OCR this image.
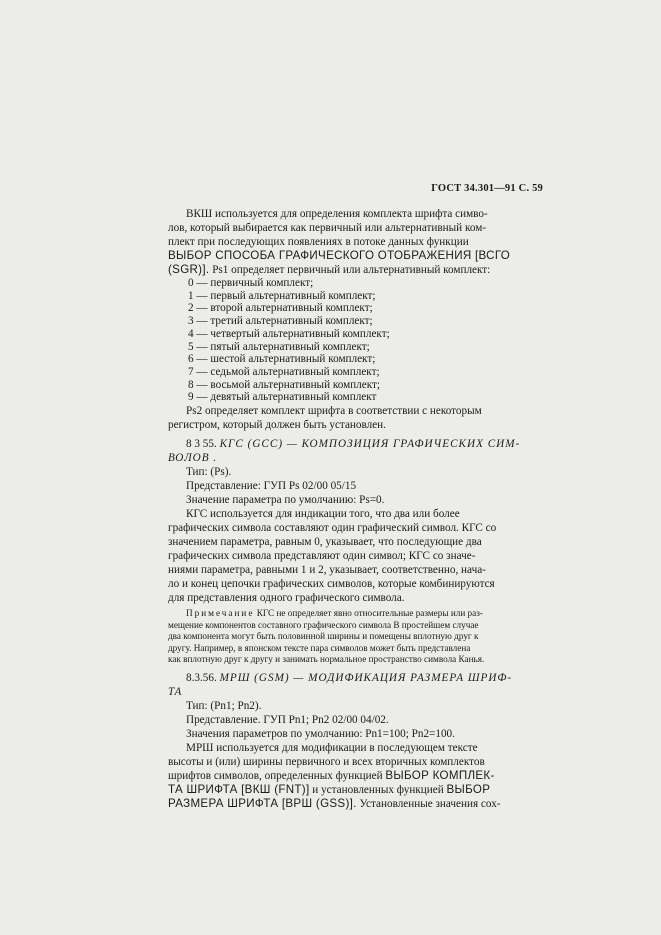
ГОСТ 34.301—91 С. 59

ВКШ используется для определения комплекта шрифта симво-

лов, который выбирается как первичный или альтернативный ком-

плект при последующих появлениях в потоке данных функции

ВЫБОР СПОСОБА ГРАФИЧЕСКОГО ОТОБРАЖЕНИЯ [ВСГО

(SGR)]. Ps1 определяет первичный или альтернативный комплект:

0 — первичный комплект;

1 — первый альтернативный комплект;

2 — второй альтернативный комплект;

3 — третий альтернативный комплект;

4 — четвертый альтернативный комплект;

5 — пятый альтернативный комплект;

6 — шестой альтернативный комплект;

7 — седьмой альтернативный комплект;

8 — восьмой альтернативный комплект;

9 — девятый альтернативный комплект

Ps2 определяет комплект шрифта в соответствии с некоторым

регистром, который должен быть установлен.

8 3 55. КГС (GCC) — КОМПОЗИЦИЯ ГРАФИЧЕСКИХ СИМ-

ВОЛОВ .

Тип: (Ps).

Представление: ГУП Ps 02/00 05/15

Значение параметра по умолчанию: Ps=0.

КГС используется для индикации того, что два или более

графических символа составляют один графический символ. КГС со

значением параметра, равным 0, указывает, что последующие два

графических символа представляют один символ; КГС со значе-

ниями параметра, равными 1 и 2, указывает, соответственно, нача-

ло и конец цепочки графических символов, которые комбинируются

для представления одного графического символа.

Примечание КГС не определяет явно относительные размеры или раз-

мещение компонентов составного графического символа В простейшем случае

два компонента могут быть половинной ширины и помещены вплотную друг к

другу. Например, в японском тексте пара символов может быть представлена

как вплотную друг к другу и занимать нормальное пространство символа Канья.

8.3.56. МРШ (GSM) — МОДИФИКАЦИЯ РАЗМЕРА ШРИФ-

ТА

Тип: (Pn1; Pn2).

Представление. ГУП Pn1; Pn2 02/00 04/02.

Значения параметров по умолчанию: Pn1=100; Pn2=100.

МРШ используется для модификации в последующем тексте

высоты и (или) ширины первичного и всех вторичных комплектов

шрифтов символов, определенных функцией ВЫБОР КОМПЛЕК-

ТА ШРИФТА [ВКШ (FNT)] и установленных функцией ВЫБОР

РАЗМЕРА ШРИФТА [ВРШ (GSS)]. Установленные значения сох-
